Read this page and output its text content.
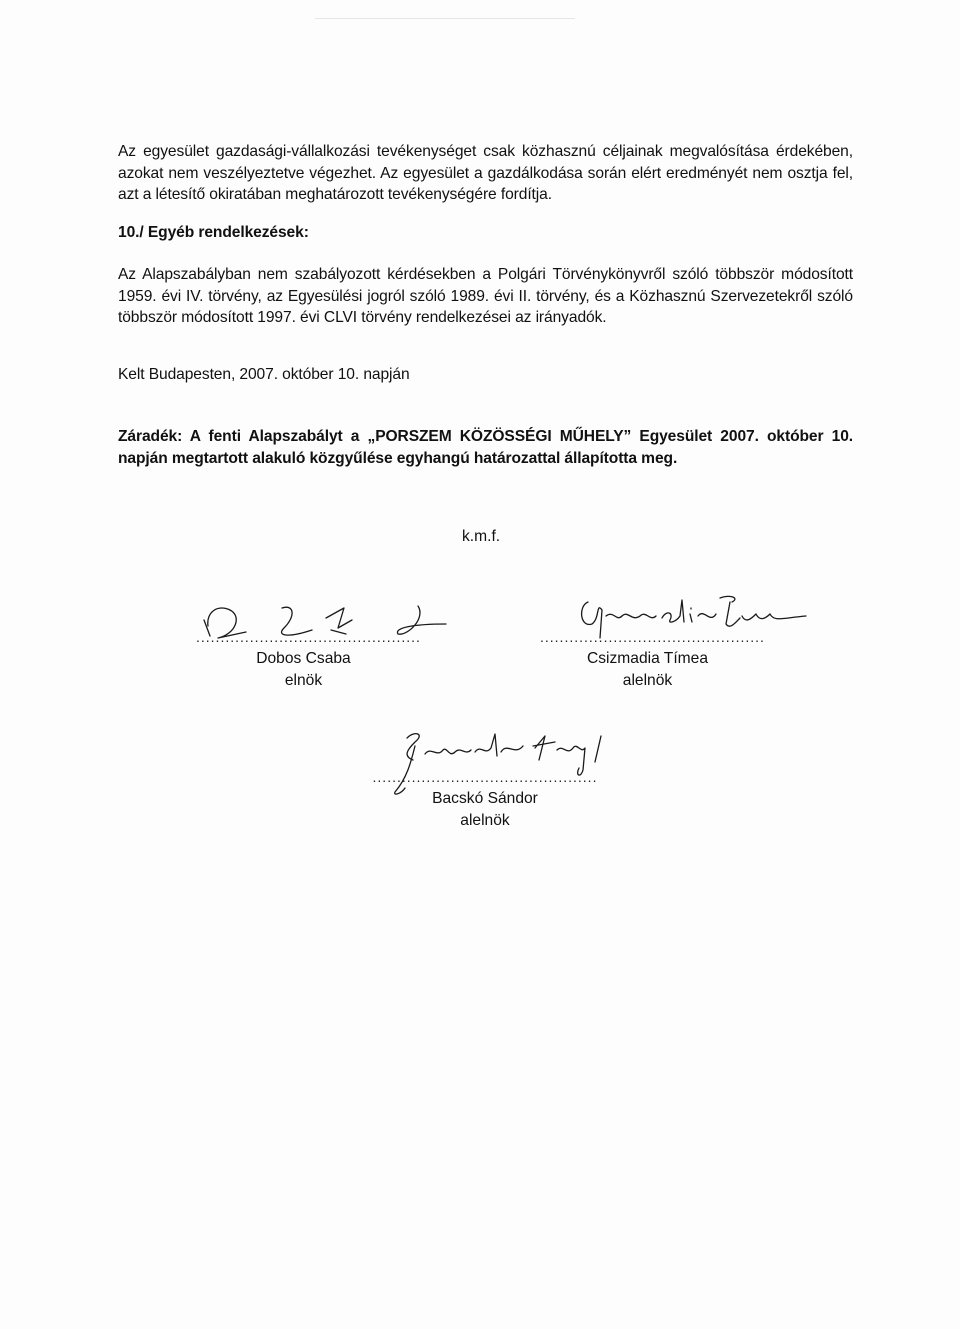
Az egyesület gazdasági-vállalkozási tevékenységet csak közhasznú céljainak megvalósítása érdekében, azokat nem veszélyeztetve végezhet. Az egyesület a gazdálkodása során elért eredményét nem osztja fel, azt a létesítő okiratában meghatározott tevékenységére fordítja.
10./ Egyéb rendelkezések:
Az Alapszabályban nem szabályozott kérdésekben a Polgári Törvénykönyvről szóló többször módosított 1959. évi IV. törvény, az Egyesülési jogról szóló 1989. évi II. törvény, és a Közhasznú Szervezetekről szóló többször módosított 1997. évi CLVI törvény rendelkezései az irányadók.
Kelt Budapesten, 2007. október 10. napján
Záradék: A fenti Alapszabályt a „PORSZEM KÖZÖSSÉGI MŰHELY” Egyesület 2007. október 10. napján megtartott alakuló közgyűlése egyhangú határozattal állapította meg.
k.m.f.
..............................................
Dobos Csaba
elnök
..............................................
Csizmadia Tímea
alelnök
..............................................
Bacskó Sándor
alelnök
